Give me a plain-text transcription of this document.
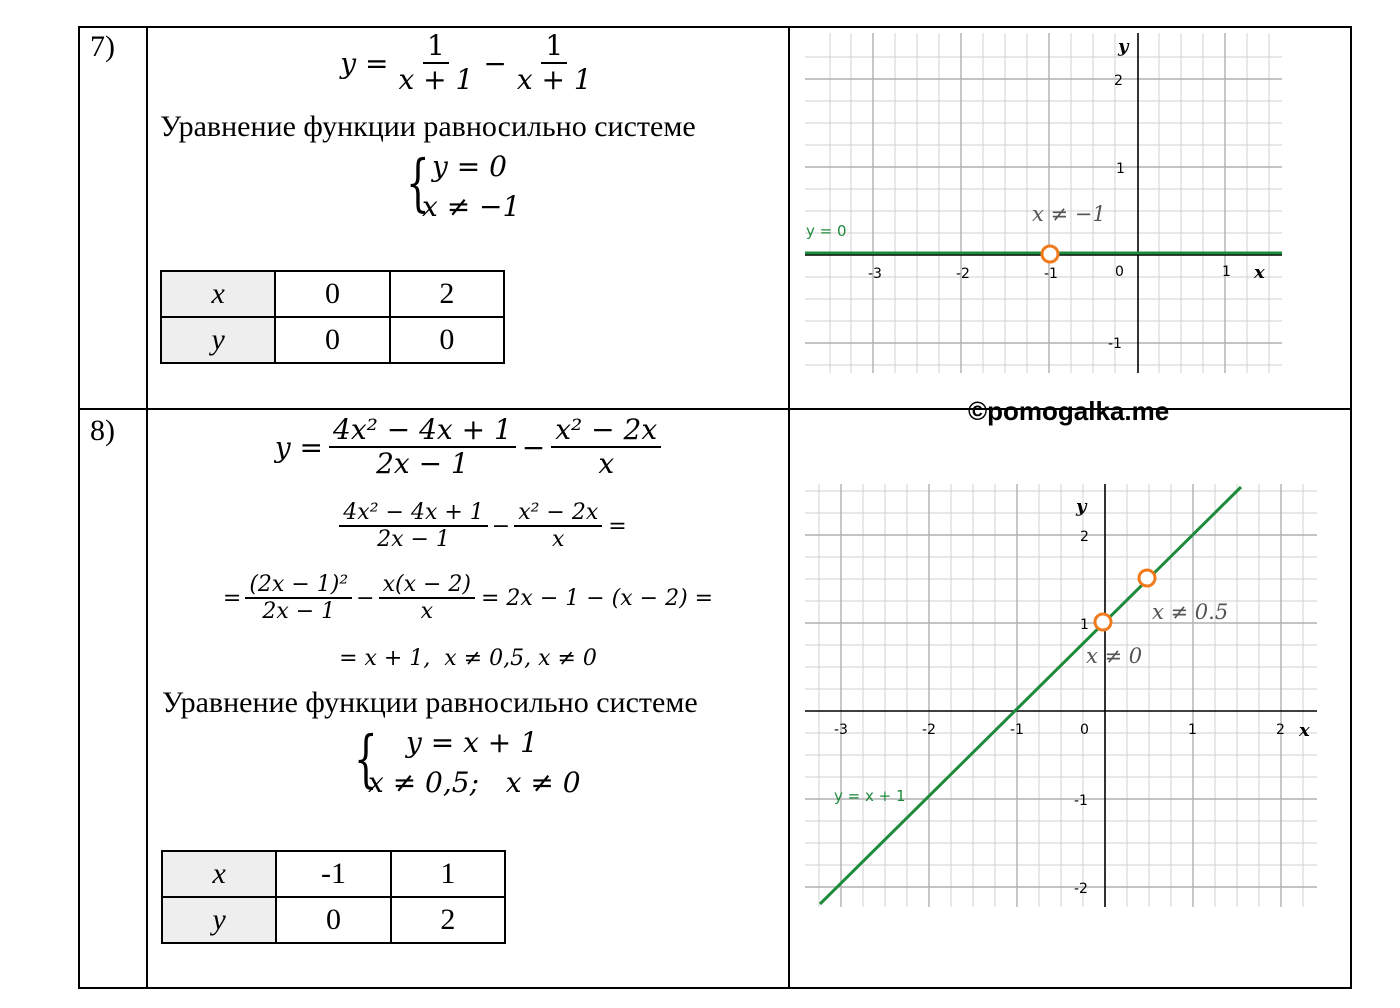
7)
$y = \frac{1}{x + 1} - \frac{1}{x + 1}$
Уравнение функции равносильно системе
{ y = 0
x ≠ −1
x	0	2
y	0	0
-3	-2	-1	0	1
2
1
-1
x
y
y = 0
x ≠ −1
8)
©pomogalka.me
$y = \frac{\text{4x² − 4x + 1}}{2x - 1} - \frac{\text{x² − 2x}}{x}$
$\frac{\text{4x² − 4x + 1}}{2x - 1} - \frac{\text{x² − 2x}}{x}$ =
= $\frac{\text{(2x − 1)²}}{2x - 1} - \frac{x(x - 2)}{x} = 2x - 1 - (x - 2)$ =
= x + 1,  x ≠ 0,5, x ≠ 0
Уравнение функции равносильно системе
{ y = x + 1
x ≠ 0,5;   x ≠ 0
x	-1	1
y	0	2
-3	-2	-1	0	1	2
2
1
-1
-2
x
y
y = x + 1
x ≠ 0.5
x ≠ 0
